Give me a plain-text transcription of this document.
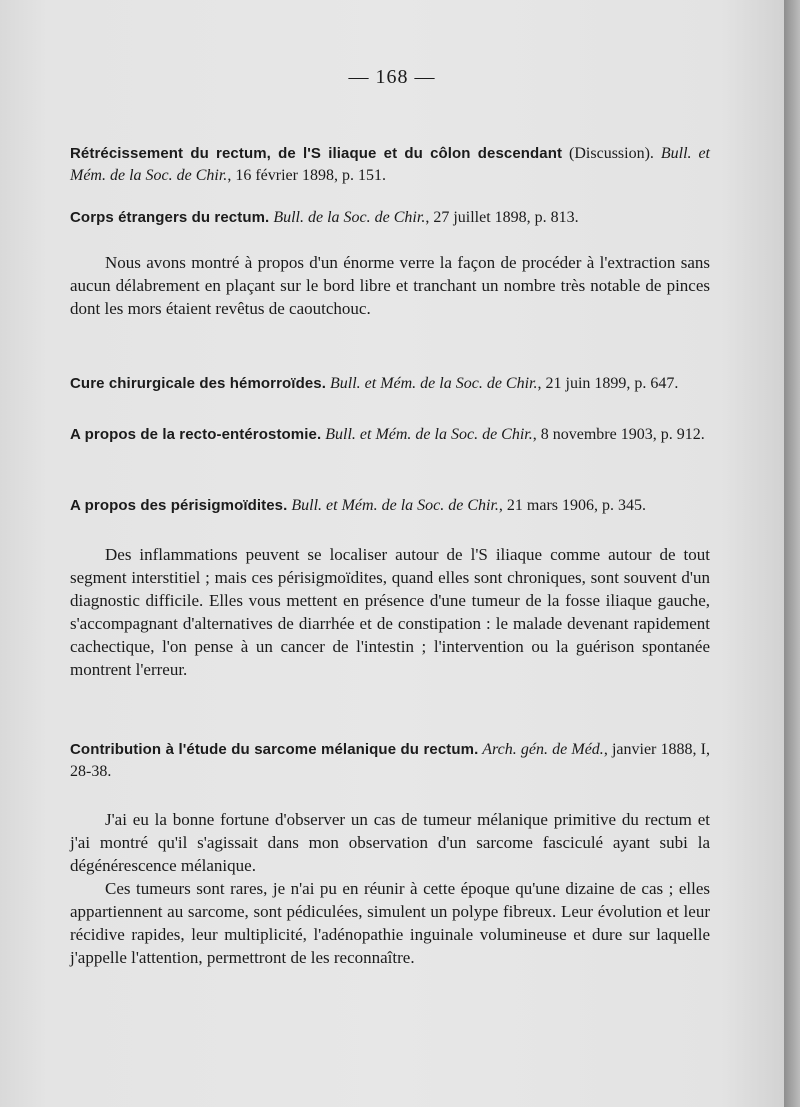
— 168 —
Rétrécissement du rectum, de l'S iliaque et du côlon descendant (Discussion). Bull. et Mém. de la Soc. de Chir., 16 février 1898, p. 151.
Corps étrangers du rectum. Bull. de la Soc. de Chir., 27 juillet 1898, p. 813.

Nous avons montré à propos d'un énorme verre la façon de procéder à l'extraction sans aucun délabrement en plaçant sur le bord libre et tranchant un nombre très notable de pinces dont les mors étaient revêtus de caoutchouc.

Cure chirurgicale des hémorroïdes. Bull. et Mém. de la Soc. de Chir., 21 juin 1899, p. 647.
A propos de la recto-entérostomie. Bull. et Mém. de la Soc. de Chir., 8 novembre 1903, p. 912.
A propos des périsigmoïdites. Bull. et Mém. de la Soc. de Chir., 21 mars 1906, p. 345.

Des inflammations peuvent se localiser autour de l'S iliaque comme autour de tout segment interstitiel ; mais ces périsigmoïdites, quand elles sont chroniques, sont souvent d'un diagnostic difficile. Elles vous mettent en présence d'une tumeur de la fosse iliaque gauche, s'accompagnant d'alternatives de diarrhée et de constipation : le malade devenant rapidement cachectique, l'on pense à un cancer de l'intestin ; l'intervention ou la guérison spontanée montrent l'erreur.

Contribution à l'étude du sarcome mélanique du rectum. Arch. gén. de Méd., janvier 1888, I, 28-38.

J'ai eu la bonne fortune d'observer un cas de tumeur mélanique primitive du rectum et j'ai montré qu'il s'agissait dans mon observation d'un sarcome fasciculé ayant subi la dégénérescence mélanique.

Ces tumeurs sont rares, je n'ai pu en réunir à cette époque qu'une dizaine de cas ; elles appartiennent au sarcome, sont pédiculées, simulent un polype fibreux. Leur évolution et leur récidive rapides, leur multiplicité, l'adénopathie inguinale volumineuse et dure sur laquelle j'appelle l'attention, permettront de les reconnaître.
